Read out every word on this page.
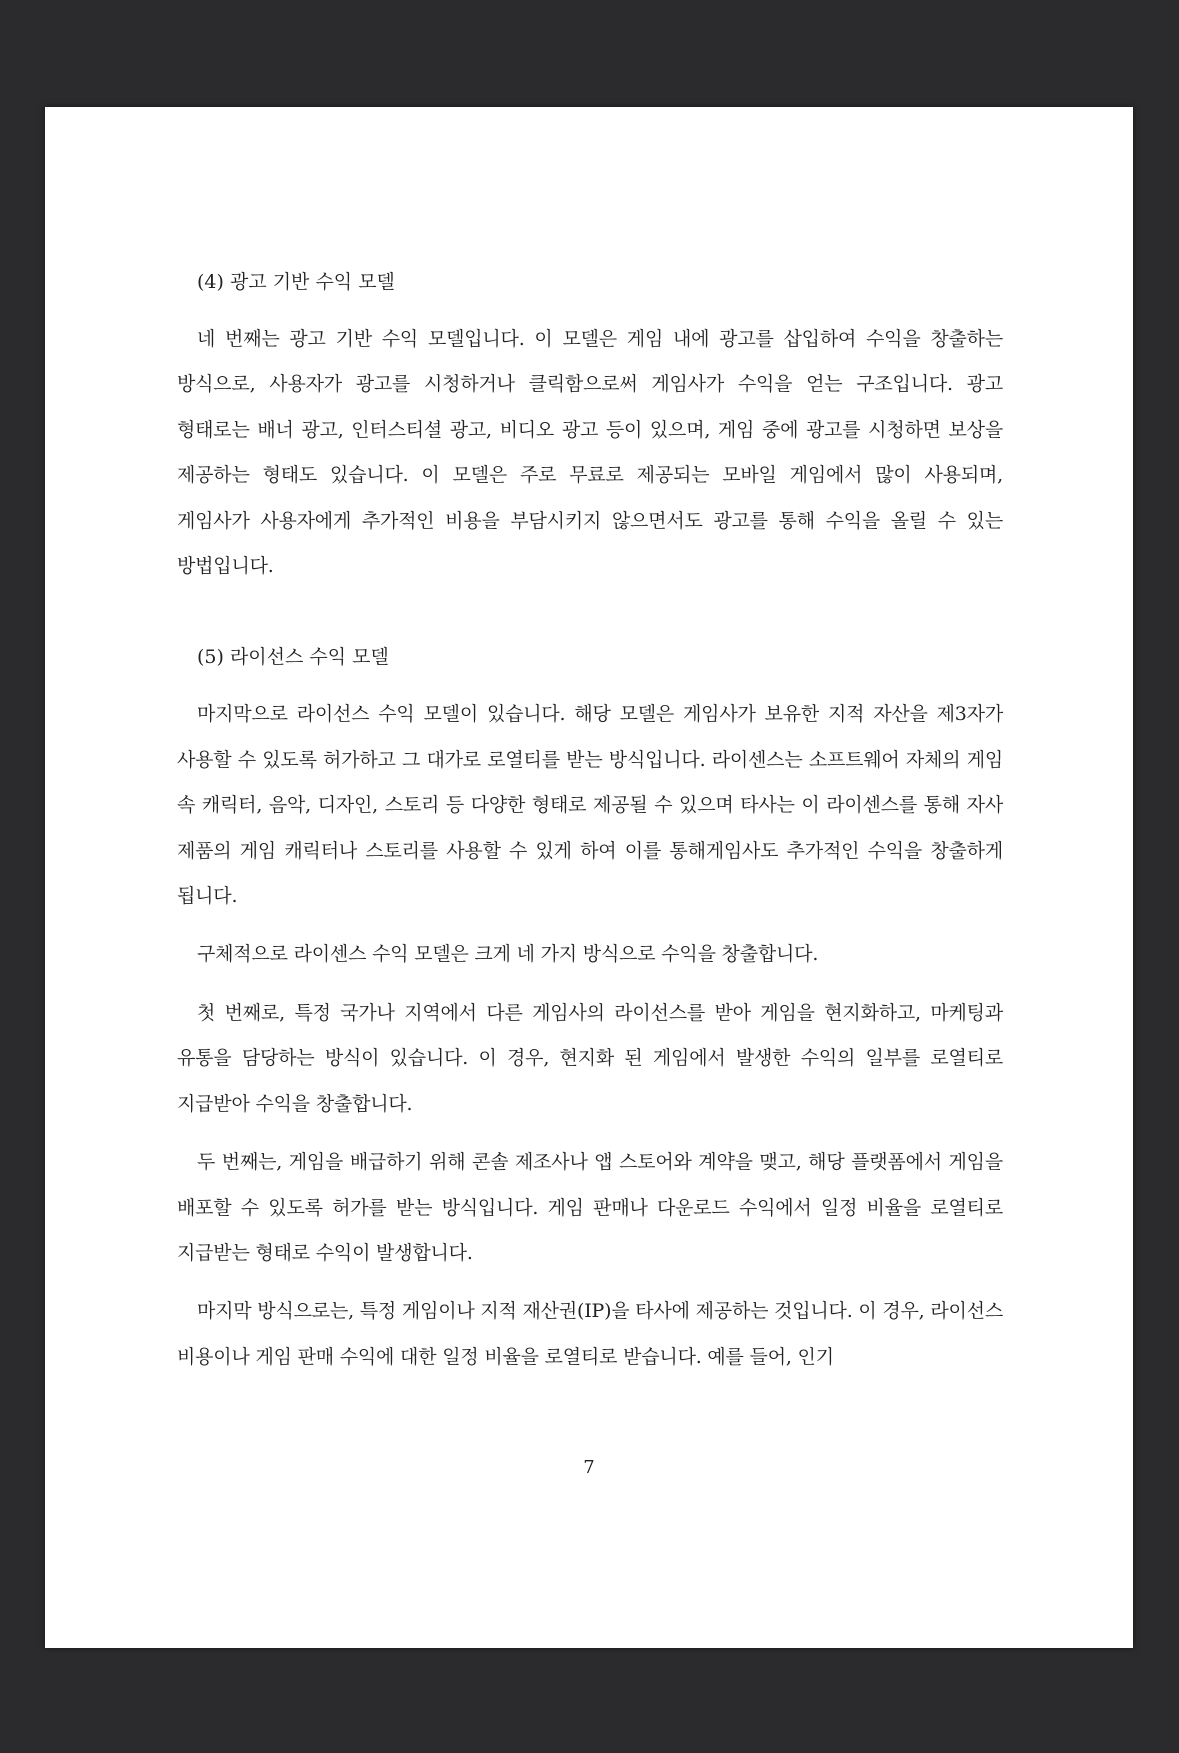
(4) 광고 기반 수익 모델

네 번째는 광고 기반 수익 모델입니다. 이 모델은 게임 내에 광고를 삽입하여 수익을 창출하는 방식으로, 사용자가 광고를 시청하거나 클릭함으로써 게임사가 수익을 얻는 구조입니다. 광고 형태로는 배너 광고, 인터스티셜 광고, 비디오 광고 등이 있으며, 게임 중에 광고를 시청하면 보상을 제공하는 형태도 있습니다. 이 모델은 주로 무료로 제공되는 모바일 게임에서 많이 사용되며, 게임사가 사용자에게 추가적인 비용을 부담시키지 않으면서도 광고를 통해 수익을 올릴 수 있는 방법입니다.

(5) 라이선스 수익 모델

마지막으로 라이선스 수익 모델이 있습니다. 해당 모델은 게임사가 보유한 지적 자산을 제3자가 사용할 수 있도록 허가하고 그 대가로 로열티를 받는 방식입니다. 라이센스는 소프트웨어 자체의 게임 속 캐릭터, 음악, 디자인, 스토리 등 다양한 형태로 제공될 수 있으며 타사는 이 라이센스를 통해 자사 제품의 게임 캐릭터나 스토리를 사용할 수 있게 하여 이를 통해게임사도 추가적인 수익을 창출하게 됩니다.

구체적으로 라이센스 수익 모델은 크게 네 가지 방식으로 수익을 창출합니다.

첫 번째로, 특정 국가나 지역에서 다른 게임사의 라이선스를 받아 게임을 현지화하고, 마케팅과 유통을 담당하는 방식이 있습니다. 이 경우, 현지화 된 게임에서 발생한 수익의 일부를 로열티로 지급받아 수익을 창출합니다.

두 번째는, 게임을 배급하기 위해 콘솔 제조사나 앱 스토어와 계약을 맺고, 해당 플랫폼에서 게임을 배포할 수 있도록 허가를 받는 방식입니다. 게임 판매나 다운로드 수익에서 일정 비율을 로열티로 지급받는 형태로 수익이 발생합니다.

마지막 방식으로는, 특정 게임이나 지적 재산권(IP)을 타사에 제공하는 것입니다. 이 경우, 라이선스 비용이나 게임 판매 수익에 대한 일정 비율을 로열티로 받습니다. 예를 들어, 인기

7
